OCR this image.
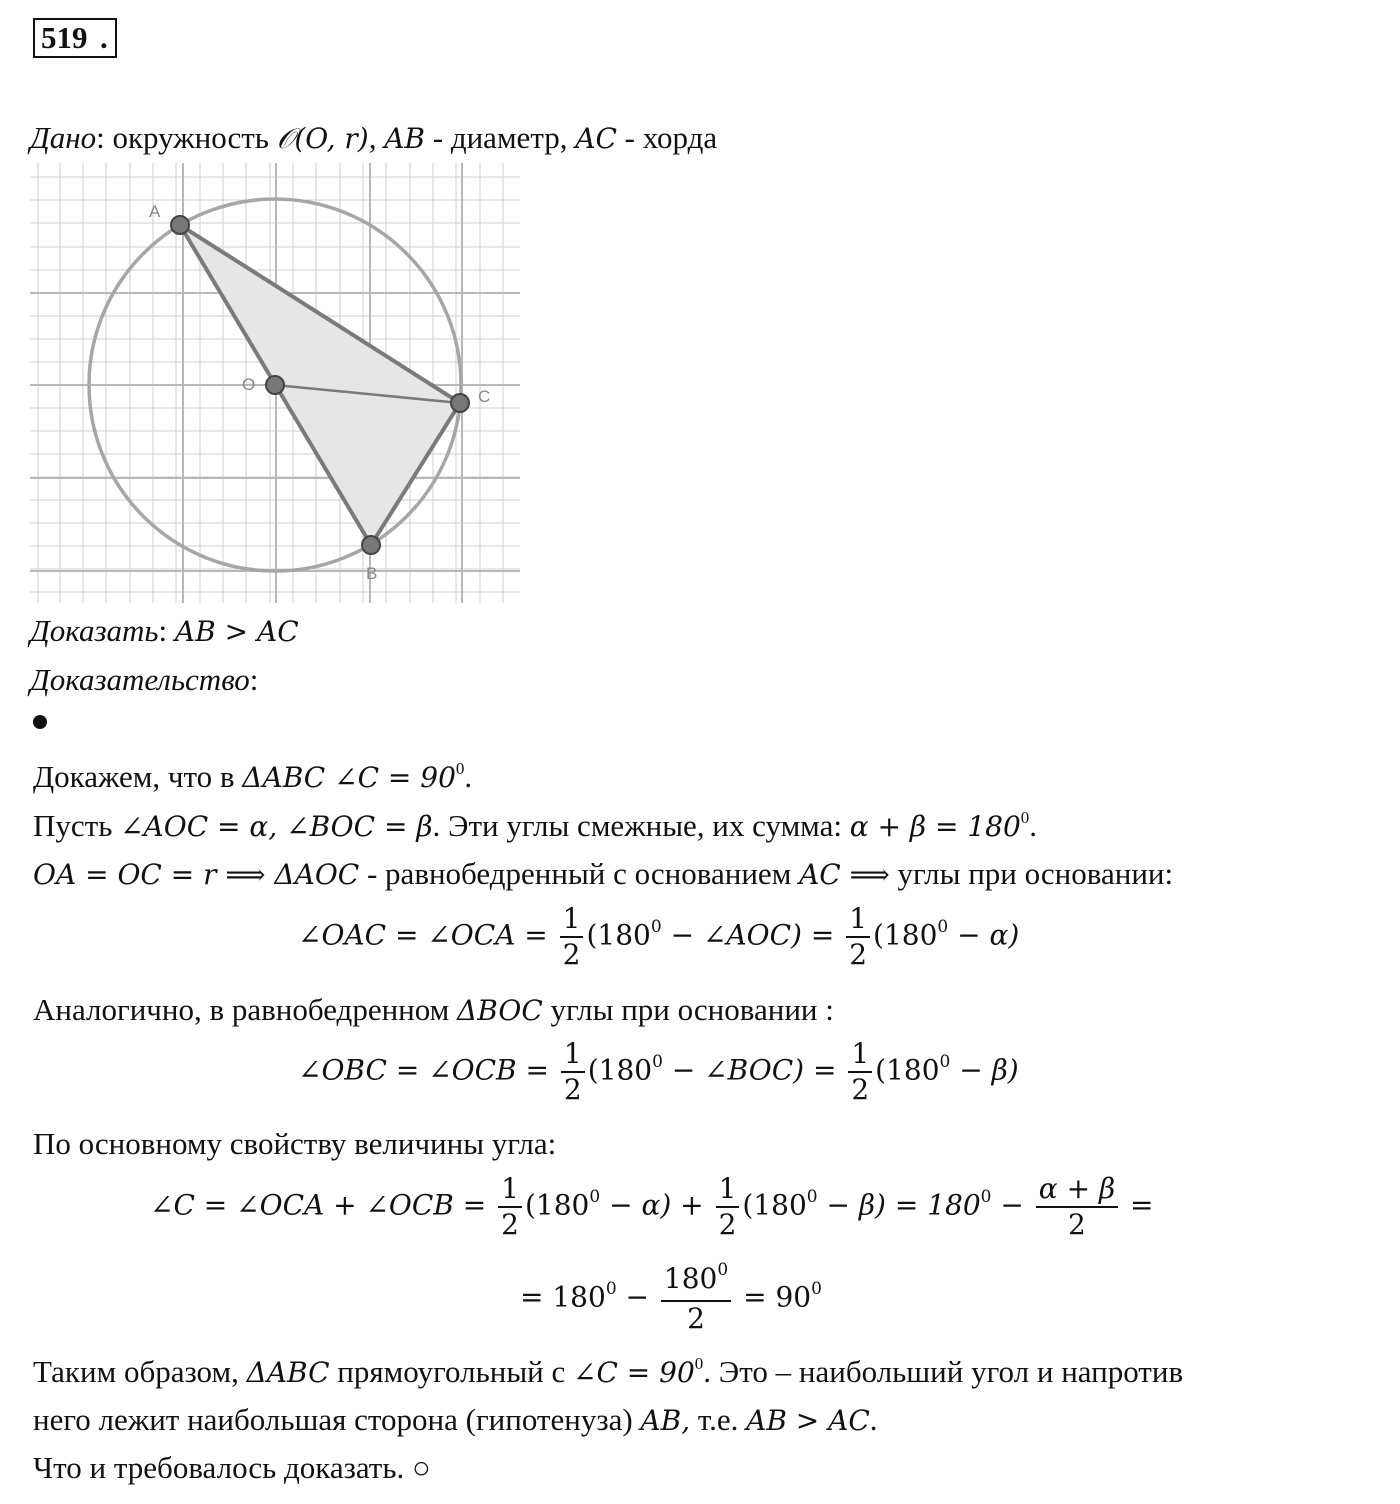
519 .
Дано: окружность 𝒪(O, r), AB - диаметр, AC - хорда
A
O
C
B
Доказать: AB > AC
Доказательство:
Докажем, что в ΔABC ∠C = $90^0$.
Пусть ∠AOC = α, ∠BOC = β. Эти углы смежные, их сумма: $\alpha + \beta = 180^0$.
OA = OC = r ⟹ ΔAOC - равнобедренный с основанием AC ⟹ углы при основании:
∠OAC = ∠OCA = $\frac{1}{2} (180^0$ − ∠AOC) = $\frac{1}{2} (180^0 - \alpha)$
Аналогично, в равнобедренном ΔBOC углы при основании :
∠OBC = ∠OCB = $\frac{1}{2} (180^0$ − ∠BOC) = $\frac{1}{2} (180^0 - \beta)$
По основному свойству величины угла:
∠C = ∠OCA + ∠OCB = $\frac{1}{2} (180^0 - \alpha) + \frac{1}{2} (180^0 - \beta) = 180^0 - \frac{\alpha + \beta}{2}$ =
= $180^0 - \frac{180^0}{2} = 90^0$
Таким образом, ΔABC прямоугольный с ∠C = $90^0$. Это – наибольший угол и напротив
него лежит наибольшая сторона (гипотенуза) AB, т.е. AB > AC.
Что и требовалось доказать. ○
